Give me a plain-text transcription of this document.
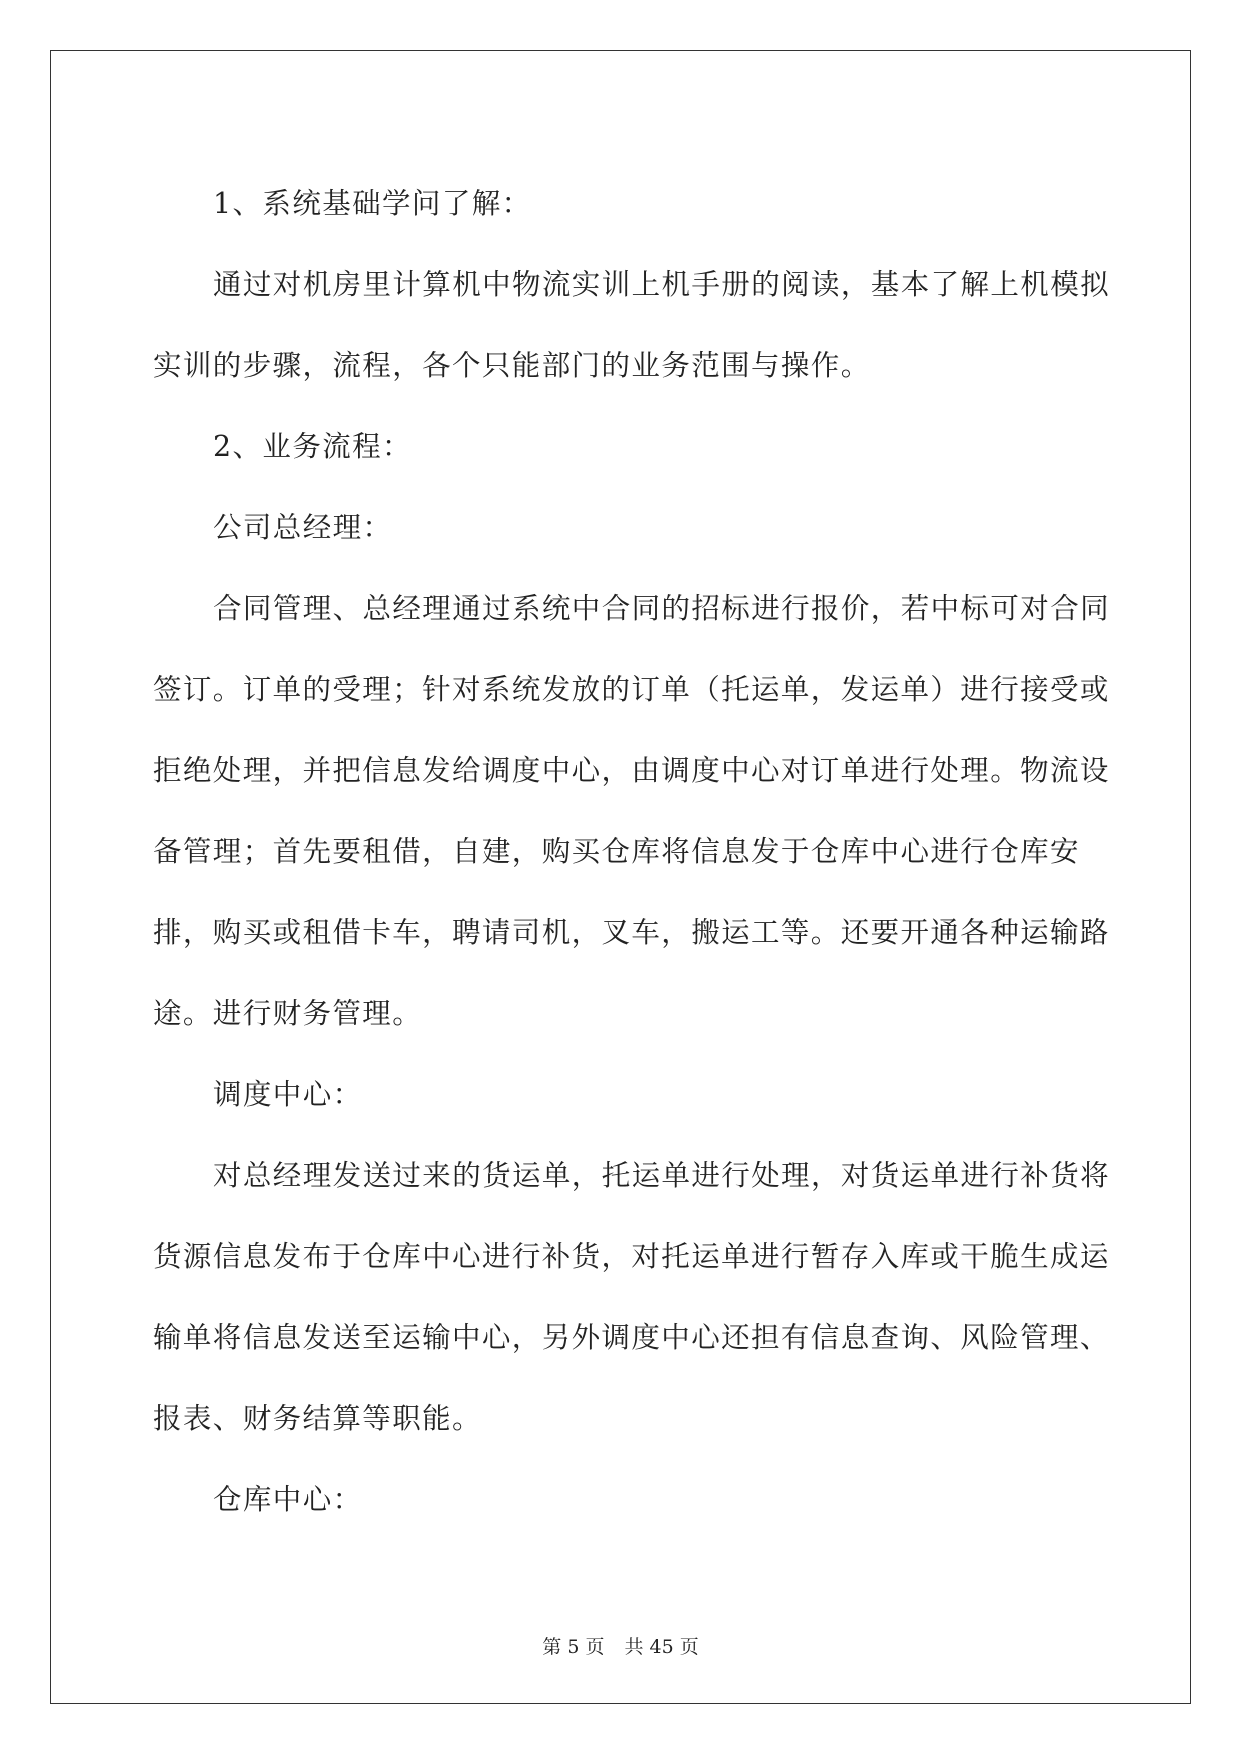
1、系统基础学问了解：

通过对机房里计算机中物流实训上机手册的阅读，基本了解上机模拟实训的步骤，流程，各个只能部门的业务范围与操作。

2、业务流程：

公司总经理：

合同管理、总经理通过系统中合同的招标进行报价，若中标可对合同签订。订单的受理；针对系统发放的订单（托运单，发运单）进行接受或拒绝处理，并把信息发给调度中心，由调度中心对订单进行处理。物流设备管理；首先要租借，自建，购买仓库将信息发于仓库中心进行仓库安排，购买或租借卡车，聘请司机，叉车，搬运工等。还要开通各种运输路途。进行财务管理。

调度中心：

对总经理发送过来的货运单，托运单进行处理，对货运单进行补货将货源信息发布于仓库中心进行补货，对托运单进行暂存入库或干脆生成运输单将信息发送至运输中心，另外调度中心还担有信息查询、风险管理、报表、财务结算等职能。

仓库中心：

第 5 页 共 45 页
